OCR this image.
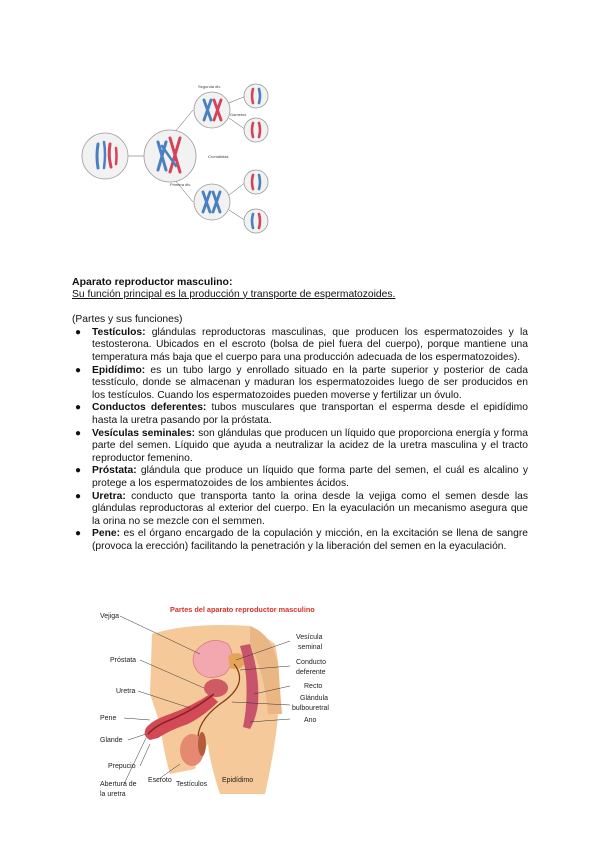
Segunda div.
Gametos
Cromátidas
Primera div.
Aparato reproductor masculino:
Su función principal es la producción y transporte de espermatozoides.
(Partes y sus funciones)
● Testículos: glándulas reproductoras masculinas, que producen los espermatozoides y la testosterona. Ubicados en el escroto (bolsa de piel fuera del cuerpo), porque mantiene una temperatura más baja que el cuerpo para una producción adecuada de los espermatozoides).
● Epidídimo: es un tubo largo y enrollado situado en la parte superior y posterior de cada tesstículo, donde se almacenan y maduran los espermatozoides luego de ser producidos en los testículos. Cuando los espermatozoides pueden moverse y fertilizar un óvulo.
● Conductos deferentes: tubos musculares que transportan el esperma desde el epidídimo hasta la uretra pasando por la próstata.
● Vesículas seminales: son glándulas que producen un líquido que proporciona energía y forma parte del semen. Líquido que ayuda a neutralizar la acidez de la uretra masculina y el tracto reproductor femenino.
● Próstata: glándula que produce un líquido que forma parte del semen, el cuál es alcalino y protege a los espermatozoides de los ambientes ácidos.
● Uretra: conducto que transporta tanto la orina desde la vejiga como el semen desde las glándulas reproductoras al exterior del cuerpo. En la eyaculación un mecanismo asegura que la orina no se mezcle con el semmen.
● Pene: es el órgano encargado de la copulación y micción, en la excitación se llena de sangre (provoca la erección) facilitando la penetración y la liberación del semen en la eyaculación.
Partes del aparato reproductor masculino
Vejiga
Próstata
Uretra
Pene
Glande
Prepucio
Abertura de
la uretra
Escroto
Testículos
Epidídimo
Vesícula
seminal
Conducto
deferente
Recto
Glándula
bulbouretral
Ano
